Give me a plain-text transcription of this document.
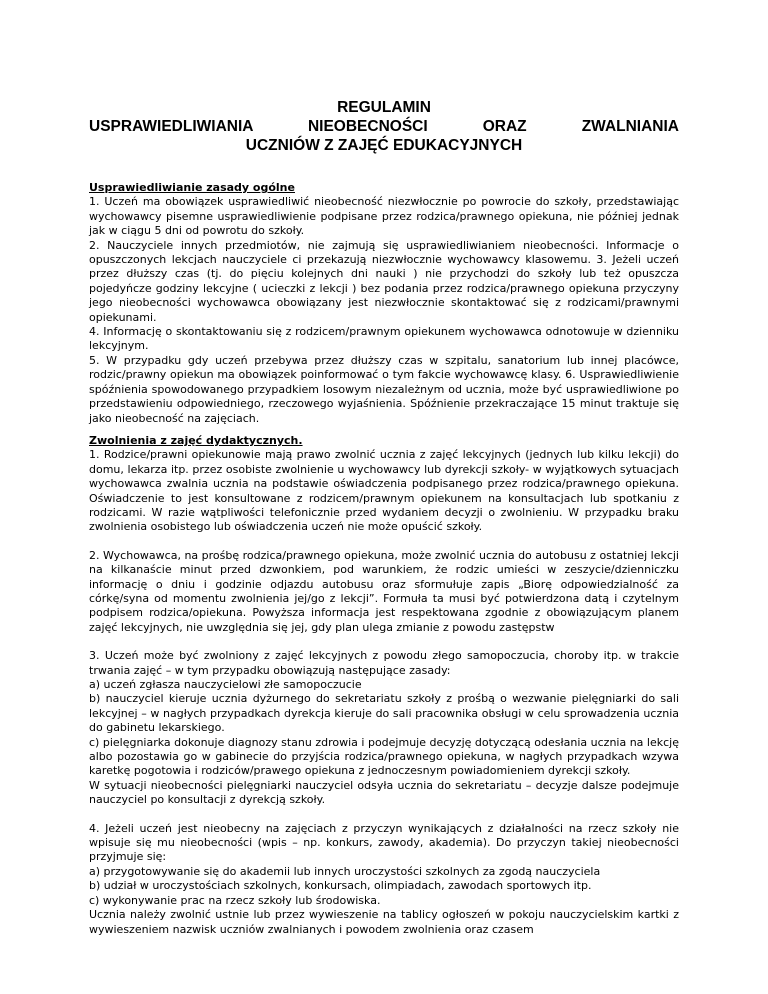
REGULAMIN
USPRAWIEDLIWIANIA NIEOBECNOŚCI ORAZ ZWALNIANIA
UCZNIÓW Z ZAJĘĆ EDUKACYJNYCH

Usprawiedliwianie zasady ogólne

1. Uczeń ma obowiązek usprawiedliwić nieobecność niezwłocznie po powrocie do szkoły, przedstawiając wychowawcy pisemne usprawiedliwienie podpisane przez rodzica/prawnego opiekuna, nie później jednak jak w ciągu 5 dni od powrotu do szkoły.

2. Nauczyciele innych przedmiotów, nie zajmują się usprawiedliwianiem nieobecności. Informacje o opuszczonych lekcjach nauczyciele ci przekazują niezwłocznie wychowawcy klasowemu. 3. Jeżeli uczeń przez dłuższy czas (tj. do pięciu kolejnych dni nauki ) nie przychodzi do szkoły lub też opuszcza pojedyńcze godziny lekcyjne ( ucieczki z lekcji ) bez podania przez rodzica/prawnego opiekuna przyczyny jego nieobecności wychowawca obowiązany jest niezwłocznie skontaktować się z rodzicami/prawnymi opiekunami.

4. Informację o skontaktowaniu się z rodzicem/prawnym opiekunem wychowawca odnotowuje w dzienniku lekcyjnym.

5. W przypadku gdy uczeń przebywa przez dłuższy czas w szpitalu, sanatorium lub innej placówce, rodzic/prawny opiekun ma obowiązek poinformować o tym fakcie wychowawcę klasy. 6. Usprawiedliwienie spóźnienia spowodowanego przypadkiem losowym niezależnym od ucznia, może być usprawiedliwione po przedstawieniu odpowiedniego, rzeczowego wyjaśnienia. Spóźnienie przekraczające 15 minut traktuje się jako nieobecność na zajęciach.

Zwolnienia z zajęć dydaktycznych.

1. Rodzice/prawni opiekunowie mają prawo zwolnić ucznia z zajęć lekcyjnych (jednych lub kilku lekcji) do domu, lekarza itp. przez osobiste zwolnienie u wychowawcy lub dyrekcji szkoły- w wyjątkowych sytuacjach wychowawca zwalnia ucznia na podstawie oświadczenia podpisanego przez rodzica/prawnego opiekuna. Oświadczenie to jest konsultowane z rodzicem/prawnym opiekunem na konsultacjach lub spotkaniu z rodzicami. W razie wątpliwości telefonicznie przed wydaniem decyzji o zwolnieniu. W przypadku braku zwolnienia osobistego lub oświadczenia uczeń nie może opuścić szkoły.

2. Wychowawca, na prośbę rodzica/prawnego opiekuna, może zwolnić ucznia do autobusu z ostatniej lekcji na kilkanaście minut przed dzwonkiem, pod warunkiem, że rodzic umieści w zeszycie/dzienniczku informację o dniu i godzinie odjazdu autobusu oraz sformułuje zapis „Biorę odpowiedzialność za córkę/syna od momentu zwolnienia jej/go z lekcji”. Formuła ta musi być potwierdzona datą i czytelnym podpisem rodzica/opiekuna. Powyższa informacja jest respektowana zgodnie z obowiązującym planem zajęć lekcyjnych, nie uwzględnia się jej, gdy plan ulega zmianie z powodu zastępstw

3. Uczeń może być zwolniony z zajęć lekcyjnych z powodu złego samopoczucia, choroby itp. w trakcie trwania zajęć – w tym przypadku obowiązują następujące zasady:

a) uczeń zgłasza nauczycielowi złe samopoczucie

b) nauczyciel kieruje ucznia dyżurnego do sekretariatu szkoły z prośbą o wezwanie pielęgniarki do sali lekcyjnej – w nagłych przypadkach dyrekcja kieruje do sali pracownika obsługi w celu sprowadzenia ucznia do gabinetu lekarskiego.

c) pielęgniarka dokonuje diagnozy stanu zdrowia i podejmuje decyzję dotyczącą odesłania ucznia na lekcję albo pozostawia go w gabinecie do przyjścia rodzica/prawnego opiekuna, w nagłych przypadkach wzywa karetkę pogotowia i rodziców/prawego opiekuna z jednoczesnym powiadomieniem dyrekcji szkoły.

W sytuacji nieobecności pielęgniarki nauczyciel odsyła ucznia do sekretariatu – decyzje dalsze podejmuje nauczyciel po konsultacji z dyrekcją szkoły.

4. Jeżeli uczeń jest nieobecny na zajęciach z przyczyn wynikających z działalności na rzecz szkoły nie wpisuje się mu nieobecności (wpis – np. konkurs, zawody, akademia). Do przyczyn takiej nieobecności przyjmuje się:

a) przygotowywanie się do akademii lub innych uroczystości szkolnych za zgodą nauczyciela

b) udział w uroczystościach szkolnych, konkursach, olimpiadach, zawodach sportowych itp.

c) wykonywanie prac na rzecz szkoły lub środowiska.

Ucznia należy zwolnić ustnie lub przez wywieszenie na tablicy ogłoszeń w pokoju nauczycielskim kartki z wywieszeniem nazwisk uczniów zwalnianych i powodem zwolnienia oraz czasem
